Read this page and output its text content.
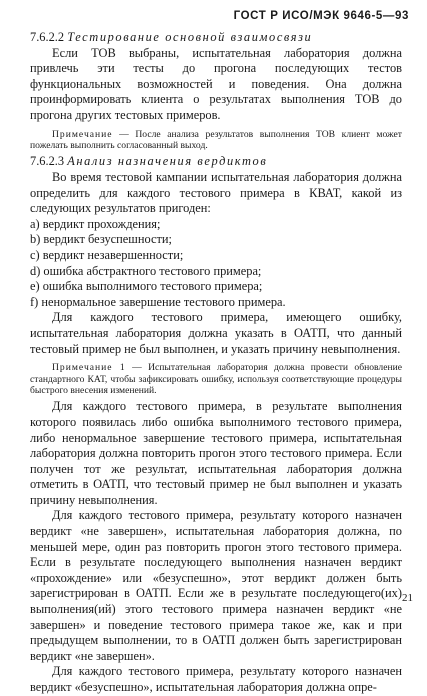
ГОСТ Р ИСО/МЭК 9646-5—93
7.6.2.2 Тестирование основной взаимосвязи

Если ТОВ выбраны, испытательная лаборатория должна привлечь эти тесты до прогона последующих тестов функциональных возможностей и поведения. Она должна проинформировать клиента о результатах выполнения ТОВ до прогона других тестовых примеров.

Примечание — После анализа результатов выполнения ТОВ клиент может пожелать выполнить согласованный выход.

7.6.2.3 Анализ назначения вердиктов

Во время тестовой кампании испытательная лаборатория должна определить для каждого тестового примера в КВАТ, какой из следующих результатов пригоден:

a) вердикт прохождения;
b) вердикт безуспешности;
c) вердикт незавершенности;
d) ошибка абстрактного тестового примера;
e) ошибка выполнимого тестового примера;
f) ненормальное завершение тестового примера.

Для каждого тестового примера, имеющего ошибку, испытательная лаборатория должна указать в ОАТП, что данный тестовый пример не был выполнен, и указать причину невыполнения.

Примечание 1 — Испытательная лаборатория должна провести обновление стандартного КАТ, чтобы зафиксировать ошибку, используя соответствующие процедуры быстрого внесения изменений.

Для каждого тестового примера, в результате выполнения которого появилась либо ошибка выполнимого тестового примера, либо ненормальное завершение тестового примера, испытательная лаборатория должна повторить прогон этого тестового примера. Если получен тот же результат, испытательная лаборатория должна отметить в ОАТП, что тестовый пример не был выполнен и указать причину невыполнения.

Для каждого тестового примера, результату которого назначен вердикт «не завершен», испытательная лаборатория должна, по меньшей мере, один раз повторить прогон этого тестового примера. Если в результате последующего выполнения назначен вердикт «прохождение» или «безуспешно», этот вердикт должен быть зарегистрирован в ОАТП. Если же в результате последующего(их) выполнения(ий) этого тестового примера назначен вердикт «не завершен» и поведение тестового примера такое же, как и при предыдущем выполнении, то в ОАТП должен быть зарегистрирован вердикт «не завершен».

Для каждого тестового примера, результату которого назначен вердикт «безуспешно», испытательная лаборатория должна опре-

21
